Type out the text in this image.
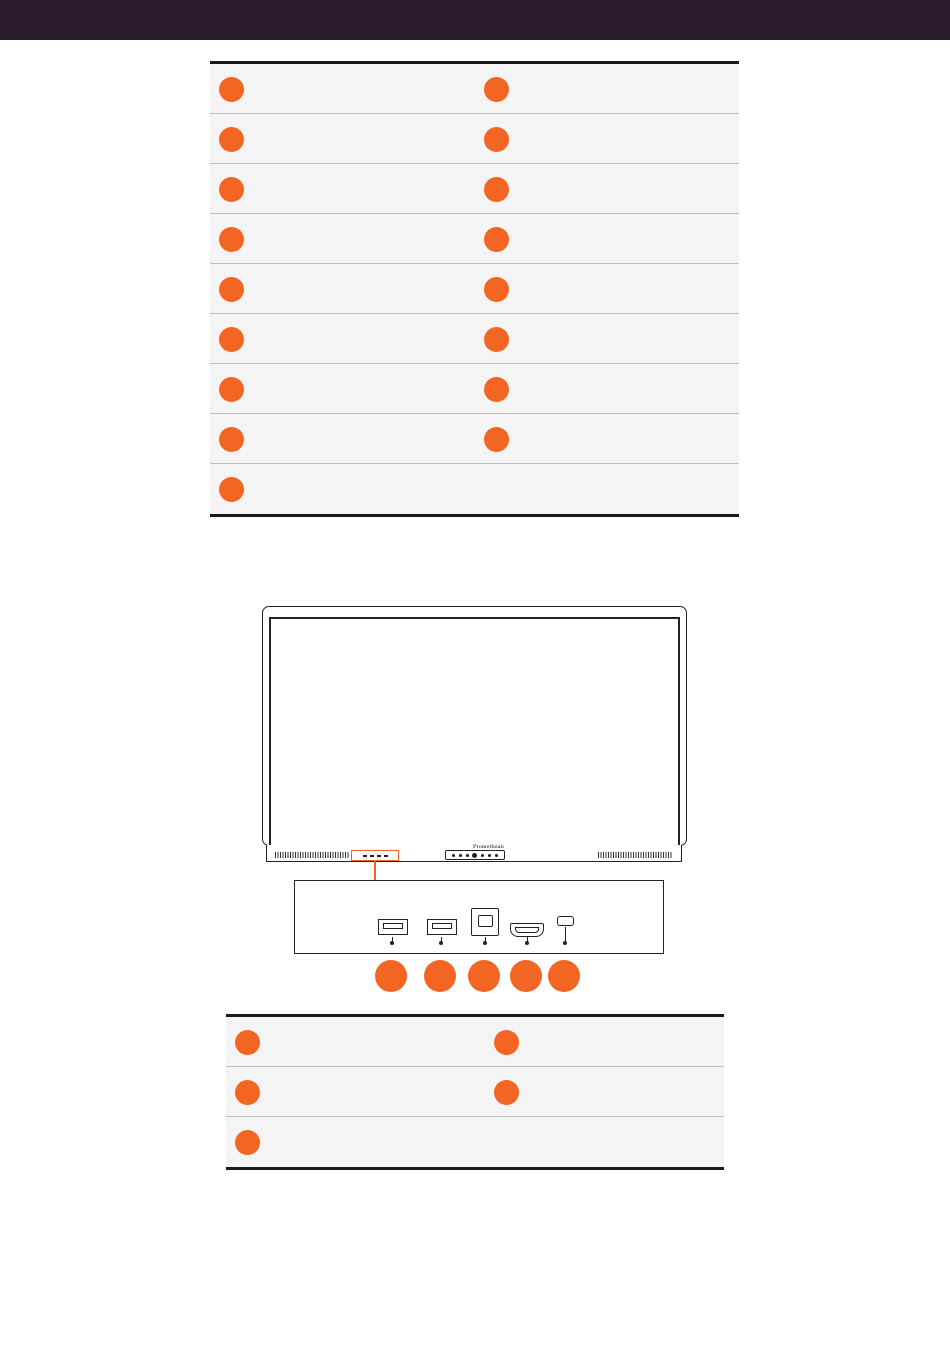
Promethean
